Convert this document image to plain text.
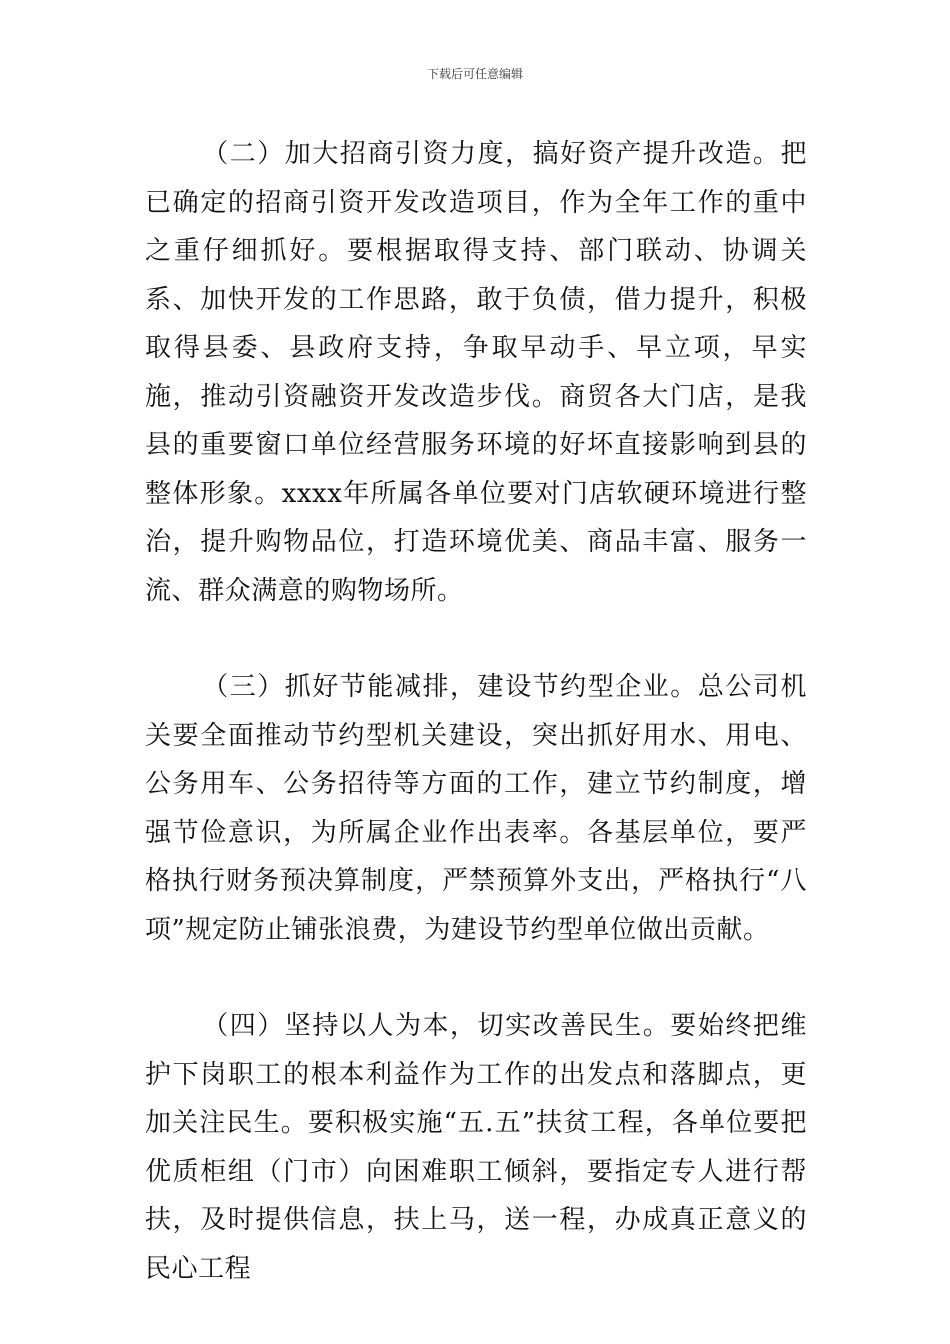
下载后可任意编辑

（二）加大招商引资力度，搞好资产提升改造。把已确定的招商引资开发改造项目，作为全年工作的重中之重仔细抓好。要根据取得支持、部门联动、协调关系、加快开发的工作思路，敢于负债，借力提升，积极取得县委、县政府支持，争取早动手、早立项，早实施，推动引资融资开发改造步伐。商贸各大门店，是我县的重要窗口单位经营服务环境的好坏直接影响到县的整体形象。xxxx年所属各单位要对门店软硬环境进行整治，提升购物品位，打造环境优美、商品丰富、服务一流、群众满意的购物场所。

（三）抓好节能减排，建设节约型企业。总公司机关要全面推动节约型机关建设，突出抓好用水、用电、公务用车、公务招待等方面的工作，建立节约制度，增强节俭意识，为所属企业作出表率。各基层单位，要严格执行财务预决算制度，严禁预算外支出，严格执行“八项”规定防止铺张浪费，为建设节约型单位做出贡献。

（四）坚持以人为本，切实改善民生。要始终把维护下岗职工的根本利益作为工作的出发点和落脚点，更加关注民生。要积极实施“五.五”扶贫工程，各单位要把优质柜组（门市）向困难职工倾斜，要指定专人进行帮扶，及时提供信息，扶上马，送一程，办成真正意义的民心工程
